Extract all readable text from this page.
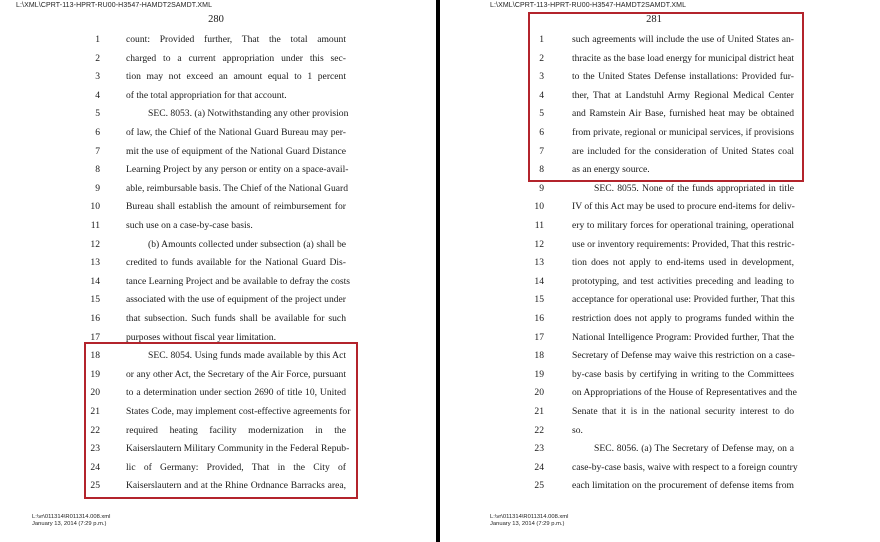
L:\XML\CPRT-113-HPRT-RU00-H3547-HAMDT2SAMDT.XML
280
1	count: Provided further, That the total amount
2	charged to a current appropriation under this sec-
3	tion may not exceed an amount equal to 1 percent
4	of the total appropriation for that account.
5	SEC. 8053. (a) Notwithstanding any other provision
6	of law, the Chief of the National Guard Bureau may per-
7	mit the use of equipment of the National Guard Distance
8	Learning Project by any person or entity on a space-avail-
9	able, reimbursable basis. The Chief of the National Guard
10	Bureau shall establish the amount of reimbursement for
11	such use on a case-by-case basis.
12	(b) Amounts collected under subsection (a) shall be
13	credited to funds available for the National Guard Dis-
14	tance Learning Project and be available to defray the costs
15	associated with the use of equipment of the project under
16	that subsection. Such funds shall be available for such
17	purposes without fiscal year limitation.
18	SEC. 8054. Using funds made available by this Act
19	or any other Act, the Secretary of the Air Force, pursuant
20	to a determination under section 2690 of title 10, United
21	States Code, may implement cost-effective agreements for
22	required heating facility modernization in the
23	Kaiserslautern Military Community in the Federal Repub-
24	lic of Germany: Provided, That in the City of
25	Kaiserslautern and at the Rhine Ordnance Barracks area,
L:\vr\011314\R011314.008.xml
January 13, 2014 (7:29 p.m.)
L:\XML\CPRT-113-HPRT-RU00-H3547-HAMDT2SAMDT.XML
281
1	such agreements will include the use of United States an-
2	thracite as the base load energy for municipal district heat
3	to the United States Defense installations: Provided fur-
4	ther, That at Landstuhl Army Regional Medical Center
5	and Ramstein Air Base, furnished heat may be obtained
6	from private, regional or municipal services, if provisions
7	are included for the consideration of United States coal
8	as an energy source.
9	SEC. 8055. None of the funds appropriated in title
10	IV of this Act may be used to procure end-items for deliv-
11	ery to military forces for operational training, operational
12	use or inventory requirements: Provided, That this restric-
13	tion does not apply to end-items used in development,
14	prototyping, and test activities preceding and leading to
15	acceptance for operational use: Provided further, That this
16	restriction does not apply to programs funded within the
17	National Intelligence Program: Provided further, That the
18	Secretary of Defense may waive this restriction on a case-
19	by-case basis by certifying in writing to the Committees
20	on Appropriations of the House of Representatives and the
21	Senate that it is in the national security interest to do
22	so.
23	SEC. 8056. (a) The Secretary of Defense may, on a
24	case-by-case basis, waive with respect to a foreign country
25	each limitation on the procurement of defense items from
L:\vr\011314\R011314.008.xml
January 13, 2014 (7:29 p.m.)
